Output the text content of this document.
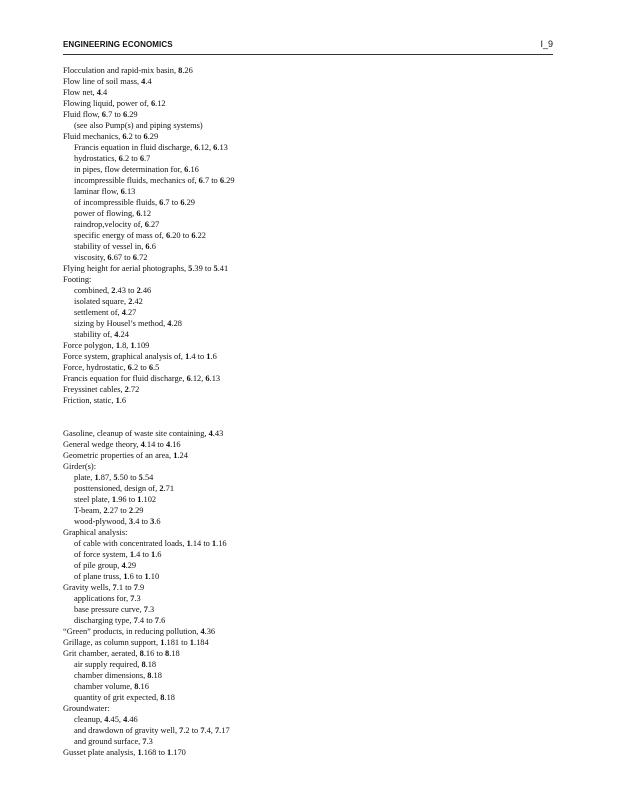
ENGINEERING ECONOMICS	I_9
Flocculation and rapid-mix basin, 8.26
Flow line of soil mass, 4.4
Flow net, 4.4
Flowing liquid, power of, 6.12
Fluid flow, 6.7 to 6.29
(see also Pump(s) and piping systems)
Fluid mechanics, 6.2 to 6.29
Francis equation in fluid discharge, 6.12, 6.13
hydrostatics, 6.2 to 6.7
in pipes, flow determination for, 6.16
incompressible fluids, mechanics of, 6.7 to 6.29
laminar flow, 6.13
of incompressible fluids, 6.7 to 6.29
power of flowing, 6.12
raindrop,velocity of, 6.27
specific energy of mass of, 6.20 to 6.22
stability of vessel in, 6.6
viscosity, 6.67 to 6.72
Flying height for aerial photographs, 5.39 to 5.41
Footing:
combined, 2.43 to 2.46
isolated square, 2.42
settlement of, 4.27
sizing by Housel’s method, 4.28
stability of, 4.24
Force polygon, 1.8, 1.109
Force system, graphical analysis of, 1.4 to 1.6
Force, hydrostatic, 6.2 to 6.5
Francis equation for fluid discharge, 6.12, 6.13
Freyssinet cables, 2.72
Friction, static, 1.6
Gasoline, cleanup of waste site containing, 4.43
General wedge theory, 4.14 to 4.16
Geometric properties of an area, 1.24
Girder(s):
plate, 1.87, 5.50 to 5.54
posttensioned, design of, 2.71
steel plate, 1.96 to 1.102
T-beam, 2.27 to 2.29
wood-plywood, 3.4 to 3.6
Graphical analysis:
of cable with concentrated loads, 1.14 to 1.16
of force system, 1.4 to 1.6
of pile group, 4.29
of plane truss, 1.6 to 1.10
Gravity wells, 7.1 to 7.9
applications for, 7.3
base pressure curve, 7.3
discharging type, 7.4 to 7.6
“Green” products, in reducing pollution, 4.36
Grillage, as column support, 1.181 to 1.184
Grit chamber, aerated, 8.16 to 8.18
air supply required, 8.18
chamber dimensions, 8.18
chamber volume, 8.16
quantity of grit expected, 8.18
Groundwater:
cleanup, 4.45, 4.46
and drawdown of gravity well, 7.2 to 7.4, 7.17
and ground surface, 7.3
Gusset plate analysis, 1.168 to 1.170
